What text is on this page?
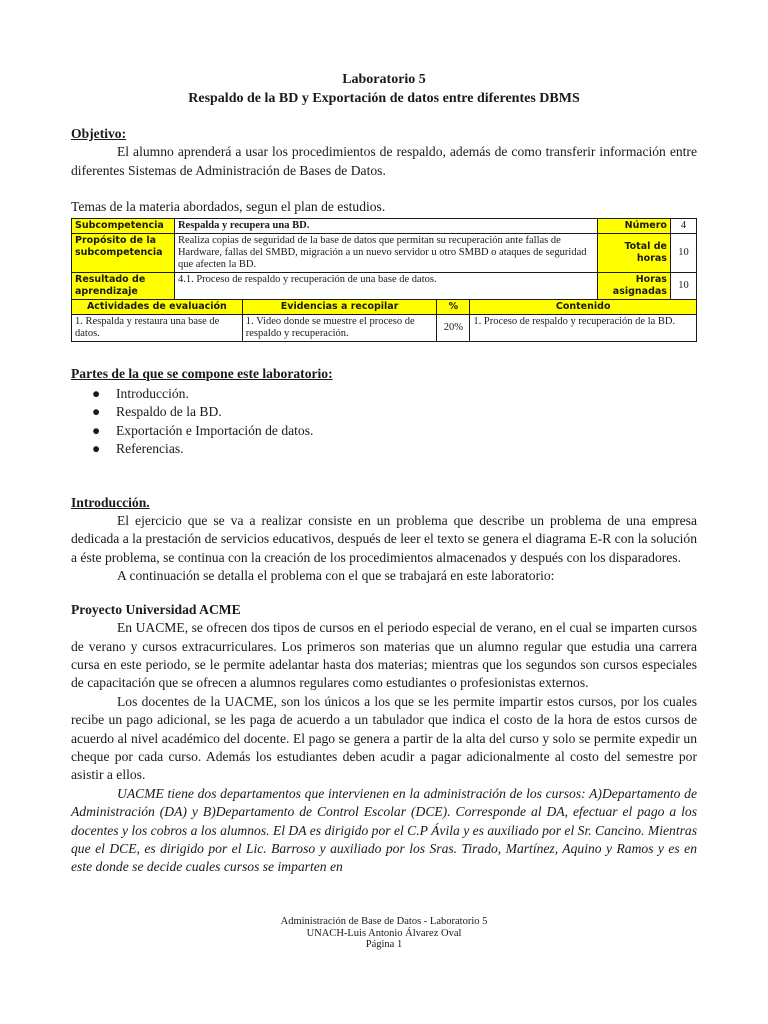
Laboratorio 5
Respaldo de la BD y Exportación de datos entre diferentes DBMS
Objetivo:

El alumno aprenderá a usar los procedimientos de respaldo, además de como transferir información entre diferentes Sistemas de Administración de Bases de Datos.

Temas de la materia abordados, segun el plan de estudios.

Subcompetencia	Respalda y recupera una BD.				Número	4
Propósito de la subcompetencia	Realiza copias de seguridad de la base de datos que permitan su recuperación ante fallas de Hardware, fallas del SMBD, migración a un nuevo servidor u otro SMBD o ataques de seguridad que afecten la BD.				Total de horas	10
Resultado de aprendizaje	4.1. Proceso de respaldo y recuperación de una base de datos.				Horas asignadas	10
Actividades de evaluación		Evidencias a recopilar	%	Contenido		
1. Respalda y restaura una base de datos.		1. Video donde se muestre el proceso de respaldo y recuperación.	20%	1. Proceso de respaldo y recuperación de la BD.		
Partes de la que se compone este laboratorio:
● Introducción.
● Respaldo de la BD.
● Exportación e Importación de datos.
● Referencias.
Introducción.

El ejercicio que se va a realizar consiste en un problema que describe un problema de una empresa dedicada a la prestación de servicios educativos, después de leer el texto se genera el diagrama E-R con la solución a éste problema, se continua con la creación de los procedimientos almacenados y después con los disparadores.

A continuación se detalla el problema con el que se trabajará en este laboratorio:

Proyecto Universidad ACME

En UACME, se ofrecen dos tipos de cursos en el periodo especial de verano, en el cual se imparten cursos de verano y cursos extracurriculares. Los primeros son materias que un alumno regular que estudia una carrera cursa en este periodo, se le permite adelantar hasta dos materias; mientras que los segundos son cursos especiales de capacitación que se ofrecen a alumnos regulares como estudiantes o profesionistas externos.

Los docentes de la UACME, son los únicos a los que se les permite impartir estos cursos, por los cuales recibe un pago adicional, se les paga de acuerdo a un tabulador que indica el costo de la hora de estos cursos de acuerdo al nivel académico del docente. El pago se genera a partir de la alta del curso y solo se permite expedir un cheque por cada curso. Además los estudiantes deben acudir a pagar adicionalmente al costo del semestre por asistir a ellos.

UACME tiene dos departamentos que intervienen en la administración de los cursos: A)Departamento de Administración (DA) y B)Departamento de Control Escolar (DCE). Corresponde al DA, efectuar el pago a los docentes y los cobros a los alumnos. El DA es dirigido por el C.P Ávila y es auxiliado por el Sr. Cancino. Mientras que el DCE, es dirigido por el Lic. Barroso y auxiliado por los Sras. Tirado, Martínez, Aquino y Ramos y es en este donde se decide cuales cursos se imparten en

Administración de Base de Datos - Laboratorio 5
UNACH-Luis Antonio Álvarez Oval
Página 1
